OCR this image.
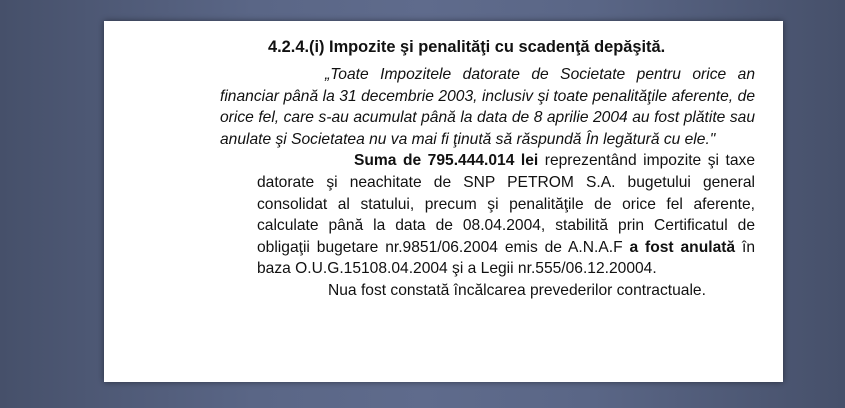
4.2.4.(i) Impozite şi penalităţi cu scadenţă depăşită.
„Toate Impozitele datorate de Societate pentru orice an financiar până la 31 decembrie 2003, inclusiv şi toate penalităţile aferente, de orice fel, care s-au acumulat până la data de 8 aprilie 2004 au fost plătite sau anulate şi Societatea nu va mai fi ţinută să răspundă În legătură cu ele."
Suma de 795.444.014 lei reprezentând impozite şi taxe datorate şi neachitate de SNP PETROM S.A. bugetului general consolidat al statului, precum şi penalităţile de orice fel aferente, calculate până la data de 08.04.2004, stabilită prin Certificatul de obligaţii bugetare nr.9851/06.2004 emis de A.N.A.F a fost anulată în baza O.U.G.15108.04.2004 şi a Legii nr.555/06.12.20004.
Nua fost constată încălcarea prevederilor contractuale.
